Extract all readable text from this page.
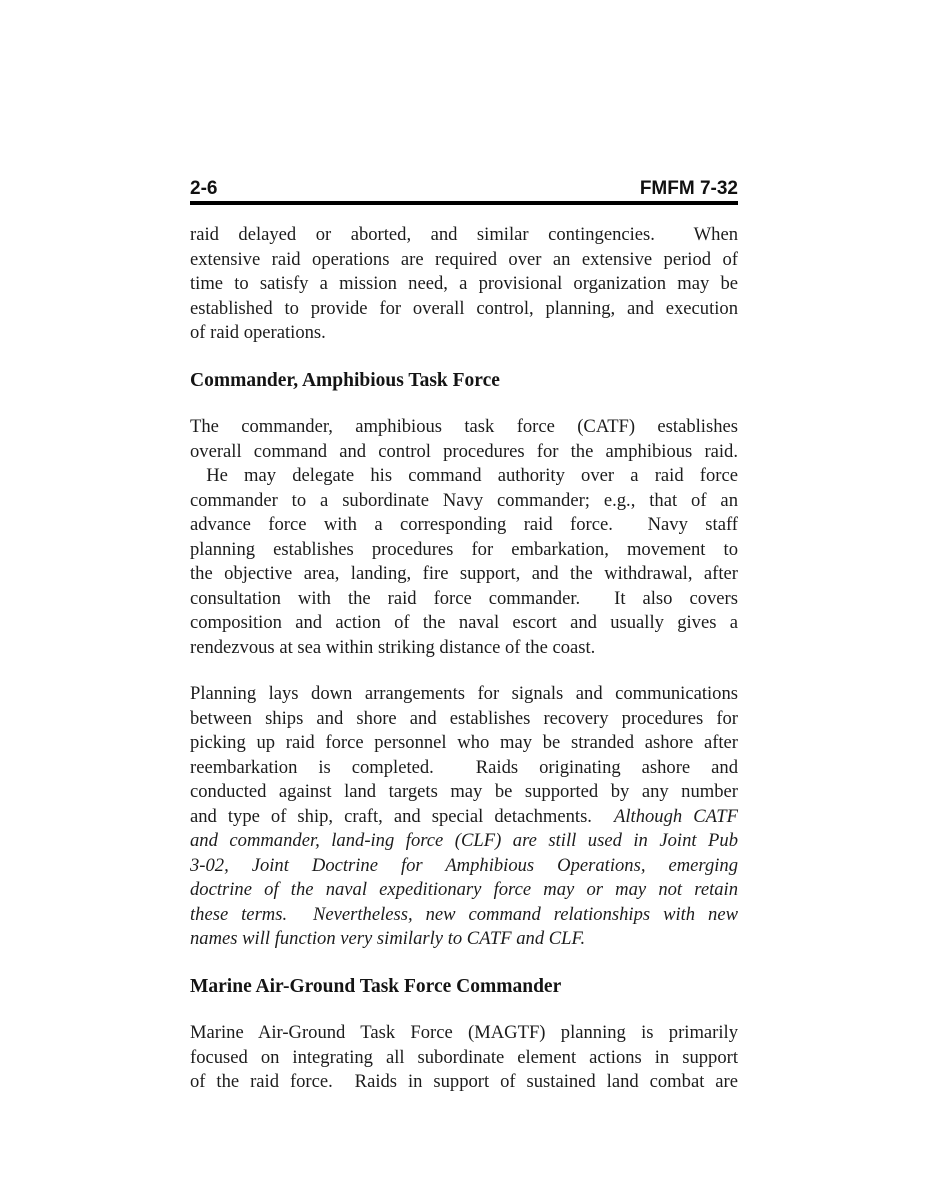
2-6	FMFM 7-32
raid delayed or aborted, and similar contingencies.  When
extensive raid operations are required over an extensive period of
time to satisfy a mission need, a provisional organization may be
established to provide for overall control, planning, and execution
of raid operations.
Commander, Amphibious Task Force
The commander, amphibious task force (CATF) establishes
overall command and control procedures for the amphibious raid.
He may delegate his command authority over a raid force
commander to a subordinate Navy commander; e.g., that of an
advance force with a corresponding raid force.  Navy staff
planning establishes procedures for embarkation, movement to
the objective area, landing, fire support, and the withdrawal, after
consultation with the raid force commander.  It also covers
composition and action of the naval escort and usually gives a
rendezvous at sea within striking distance of the coast.
Planning lays down arrangements for signals and communications
between ships and shore and establishes recovery procedures for
picking up raid force personnel who may be stranded ashore after
reembarkation is completed.  Raids originating ashore and
conducted against land targets may be supported by any number
and type of ship, craft, and special detachments.  Although CATF
and commander, land-ing force (CLF) are still used in Joint Pub
3-02, Joint Doctrine for Amphibious Operations, emerging
doctrine of the naval expeditionary force may or may not retain
these terms.  Nevertheless, new command relationships with new
names will function very similarly to CATF and CLF.
Marine Air-Ground Task Force Commander
Marine Air-Ground Task Force (MAGTF) planning is primarily
focused on integrating all subordinate element actions in support
of the raid force.  Raids in support of sustained land combat are
